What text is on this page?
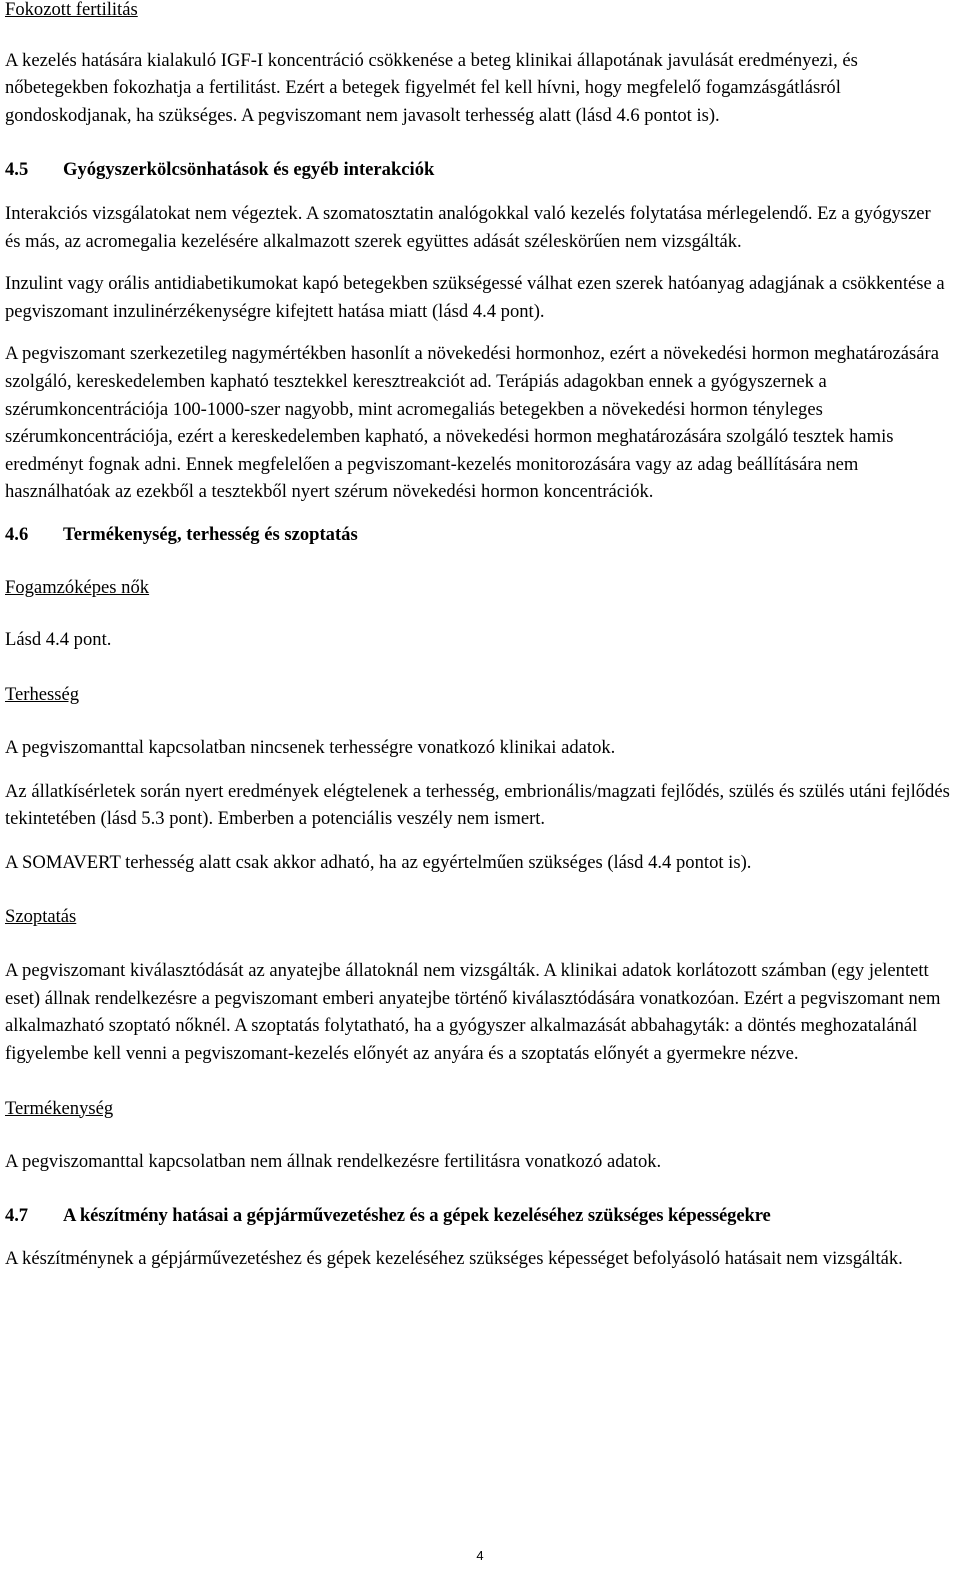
Fokozott fertilitás

A kezelés hatására kialakuló IGF-I koncentráció csökkenése a beteg klinikai állapotának javulását eredményezi, és nőbetegekben fokozhatja a fertilitást. Ezért a betegek figyelmét fel kell hívni, hogy megfelelő fogamzásgátlásról gondoskodjanak, ha szükséges. A pegviszomant nem javasolt terhesség alatt (lásd 4.6 pontot is).

4.5 Gyógyszerkölcsönhatások és egyéb interakciók

Interakciós vizsgálatokat nem végeztek. A szomatosztatin analógokkal való kezelés folytatása mérlegelendő. Ez a gyógyszer és más, az acromegalia kezelésére alkalmazott szerek együttes adását széleskörűen nem vizsgálták.

Inzulint vagy orális antidiabetikumokat kapó betegekben szükségessé válhat ezen szerek hatóanyag adagjának a csökkentése a pegviszomant inzulinérzékenységre kifejtett hatása miatt (lásd 4.4 pont).

A pegviszomant szerkezetileg nagymértékben hasonlít a növekedési hormonhoz, ezért a növekedési hormon meghatározására szolgáló, kereskedelemben kapható tesztekkel keresztreakciót ad. Terápiás adagokban ennek a gyógyszernek a szérumkoncentrációja 100-1000-szer nagyobb, mint acromegaliás betegekben a növekedési hormon tényleges szérumkoncentrációja, ezért a kereskedelemben kapható, a növekedési hormon meghatározására szolgáló tesztek hamis eredményt fognak adni. Ennek megfelelően a pegviszomant-kezelés monitorozására vagy az adag beállítására nem használhatóak az ezekből a tesztekből nyert szérum növekedési hormon koncentrációk.

4.6 Termékenység, terhesség és szoptatás

Fogamzóképes nők

Lásd 4.4 pont.

Terhesség

A pegviszomanttal kapcsolatban nincsenek terhességre vonatkozó klinikai adatok.

Az állatkísérletek során nyert eredmények elégtelenek a terhesség, embrionális/magzati fejlődés, szülés és szülés utáni fejlődés tekintetében (lásd 5.3 pont). Emberben a potenciális veszély nem ismert.

A SOMAVERT terhesség alatt csak akkor adható, ha az egyértelműen szükséges (lásd 4.4 pontot is).

Szoptatás

A pegviszomant kiválasztódását az anyatejbe állatoknál nem vizsgálták. A klinikai adatok korlátozott számban (egy jelentett eset) állnak rendelkezésre a pegviszomant emberi anyatejbe történő kiválasztódására vonatkozóan. Ezért a pegviszomant nem alkalmazható szoptató nőknél. A szoptatás folytatható, ha a gyógyszer alkalmazását abbahagyták: a döntés meghozatalánál figyelembe kell venni a pegviszomant-kezelés előnyét az anyára és a szoptatás előnyét a gyermekre nézve.

Termékenység

A pegviszomanttal kapcsolatban nem állnak rendelkezésre fertilitásra vonatkozó adatok.

4.7 A készítmény hatásai a gépjárművezetéshez és a gépek kezeléséhez szükséges képességekre

A készítménynek a gépjárművezetéshez és gépek kezeléséhez szükséges képességet befolyásoló hatásait nem vizsgálták.

4
